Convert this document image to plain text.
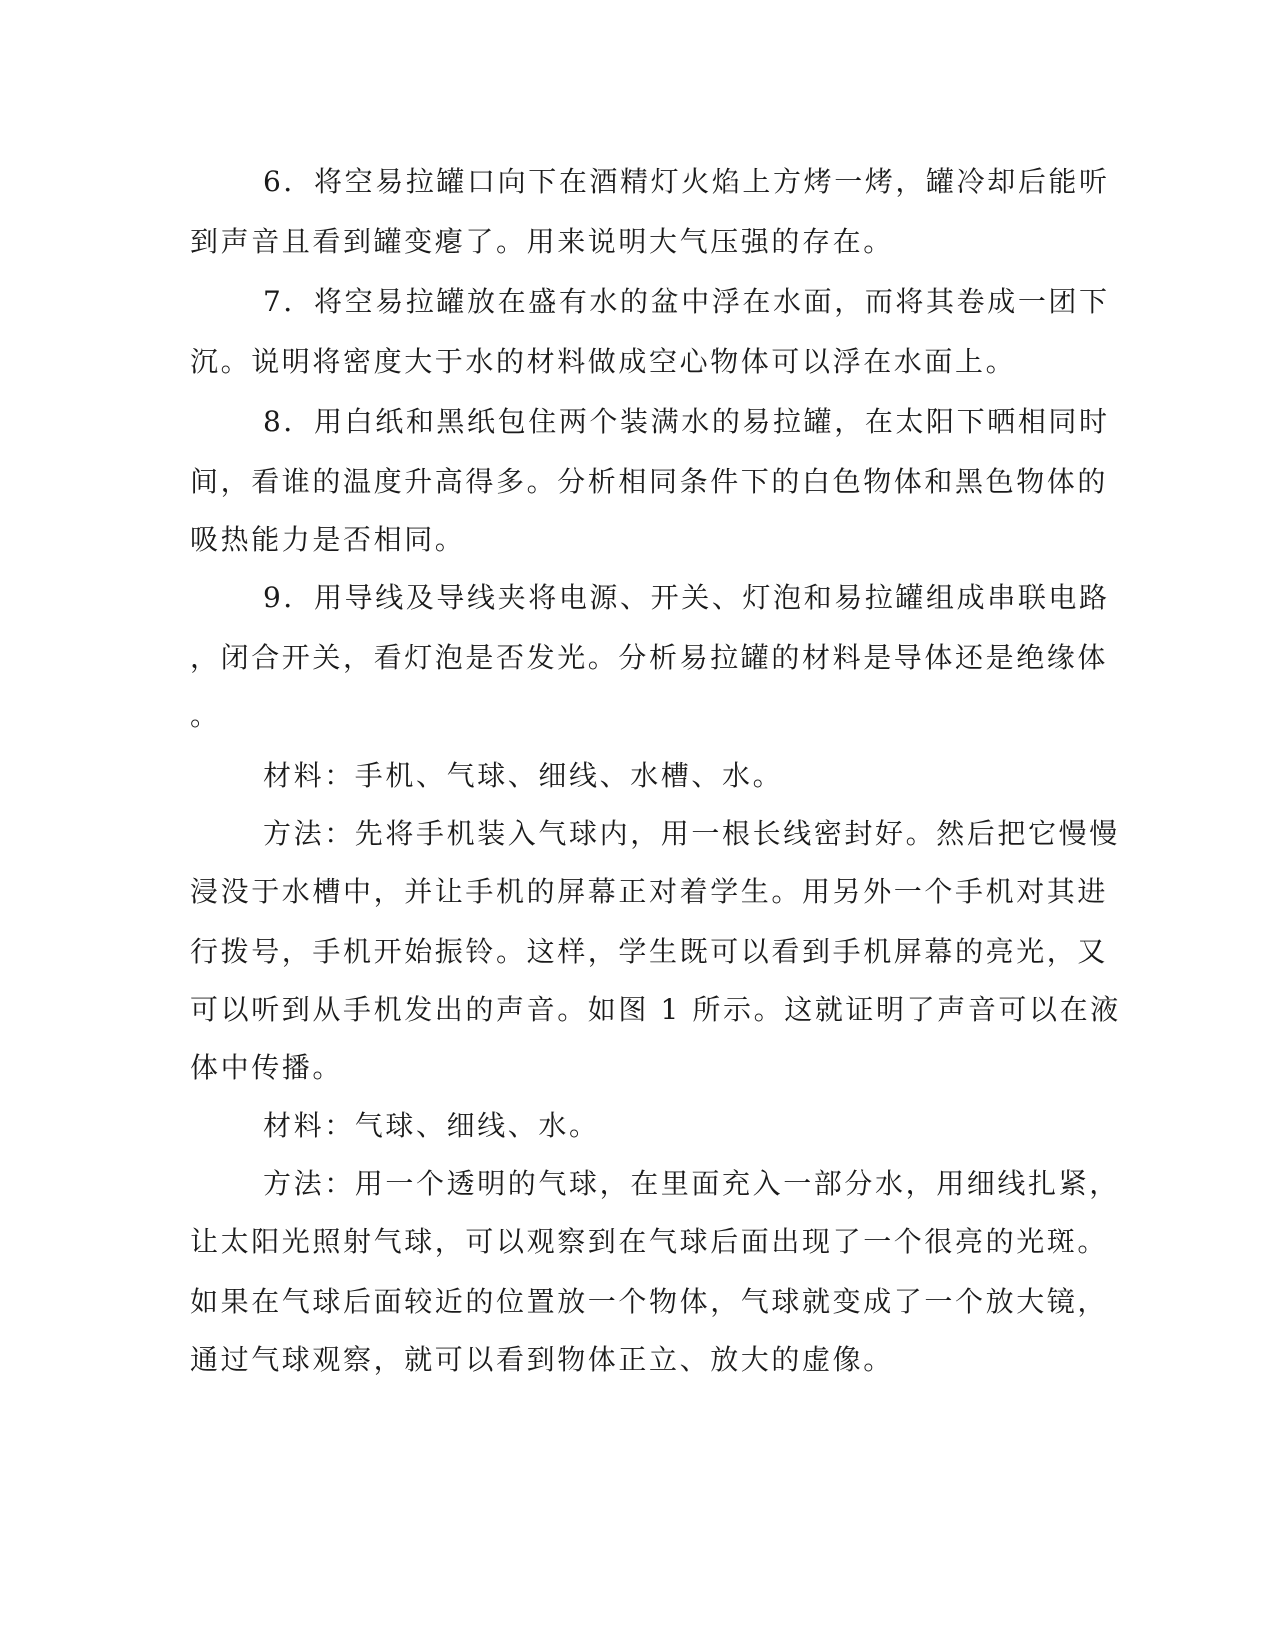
6．将空易拉罐口向下在酒精灯火焰上方烤一烤，罐冷却后能听
到声音且看到罐变瘪了。用来说明大气压强的存在。
7．将空易拉罐放在盛有水的盆中浮在水面，而将其卷成一团下
沉。说明将密度大于水的材料做成空心物体可以浮在水面上。
8．用白纸和黑纸包住两个装满水的易拉罐，在太阳下晒相同时
间，看谁的温度升高得多。分析相同条件下的白色物体和黑色物体的
吸热能力是否相同。
9．用导线及导线夹将电源、开关、灯泡和易拉罐组成串联电路
，闭合开关，看灯泡是否发光。分析易拉罐的材料是导体还是绝缘体
。
材料：手机、气球、细线、水槽、水。
方法：先将手机装入气球内，用一根长线密封好。然后把它慢慢
浸没于水槽中，并让手机的屏幕正对着学生。用另外一个手机对其进
行拨号，手机开始振铃。这样，学生既可以看到手机屏幕的亮光，又
可以听到从手机发出的声音。如图 1 所示。这就证明了声音可以在液
体中传播。
材料：气球、细线、水。
方法：用一个透明的气球，在里面充入一部分水，用细线扎紧，
让太阳光照射气球，可以观察到在气球后面出现了一个很亮的光斑。
如果在气球后面较近的位置放一个物体，气球就变成了一个放大镜，
通过气球观察，就可以看到物体正立、放大的虚像。
